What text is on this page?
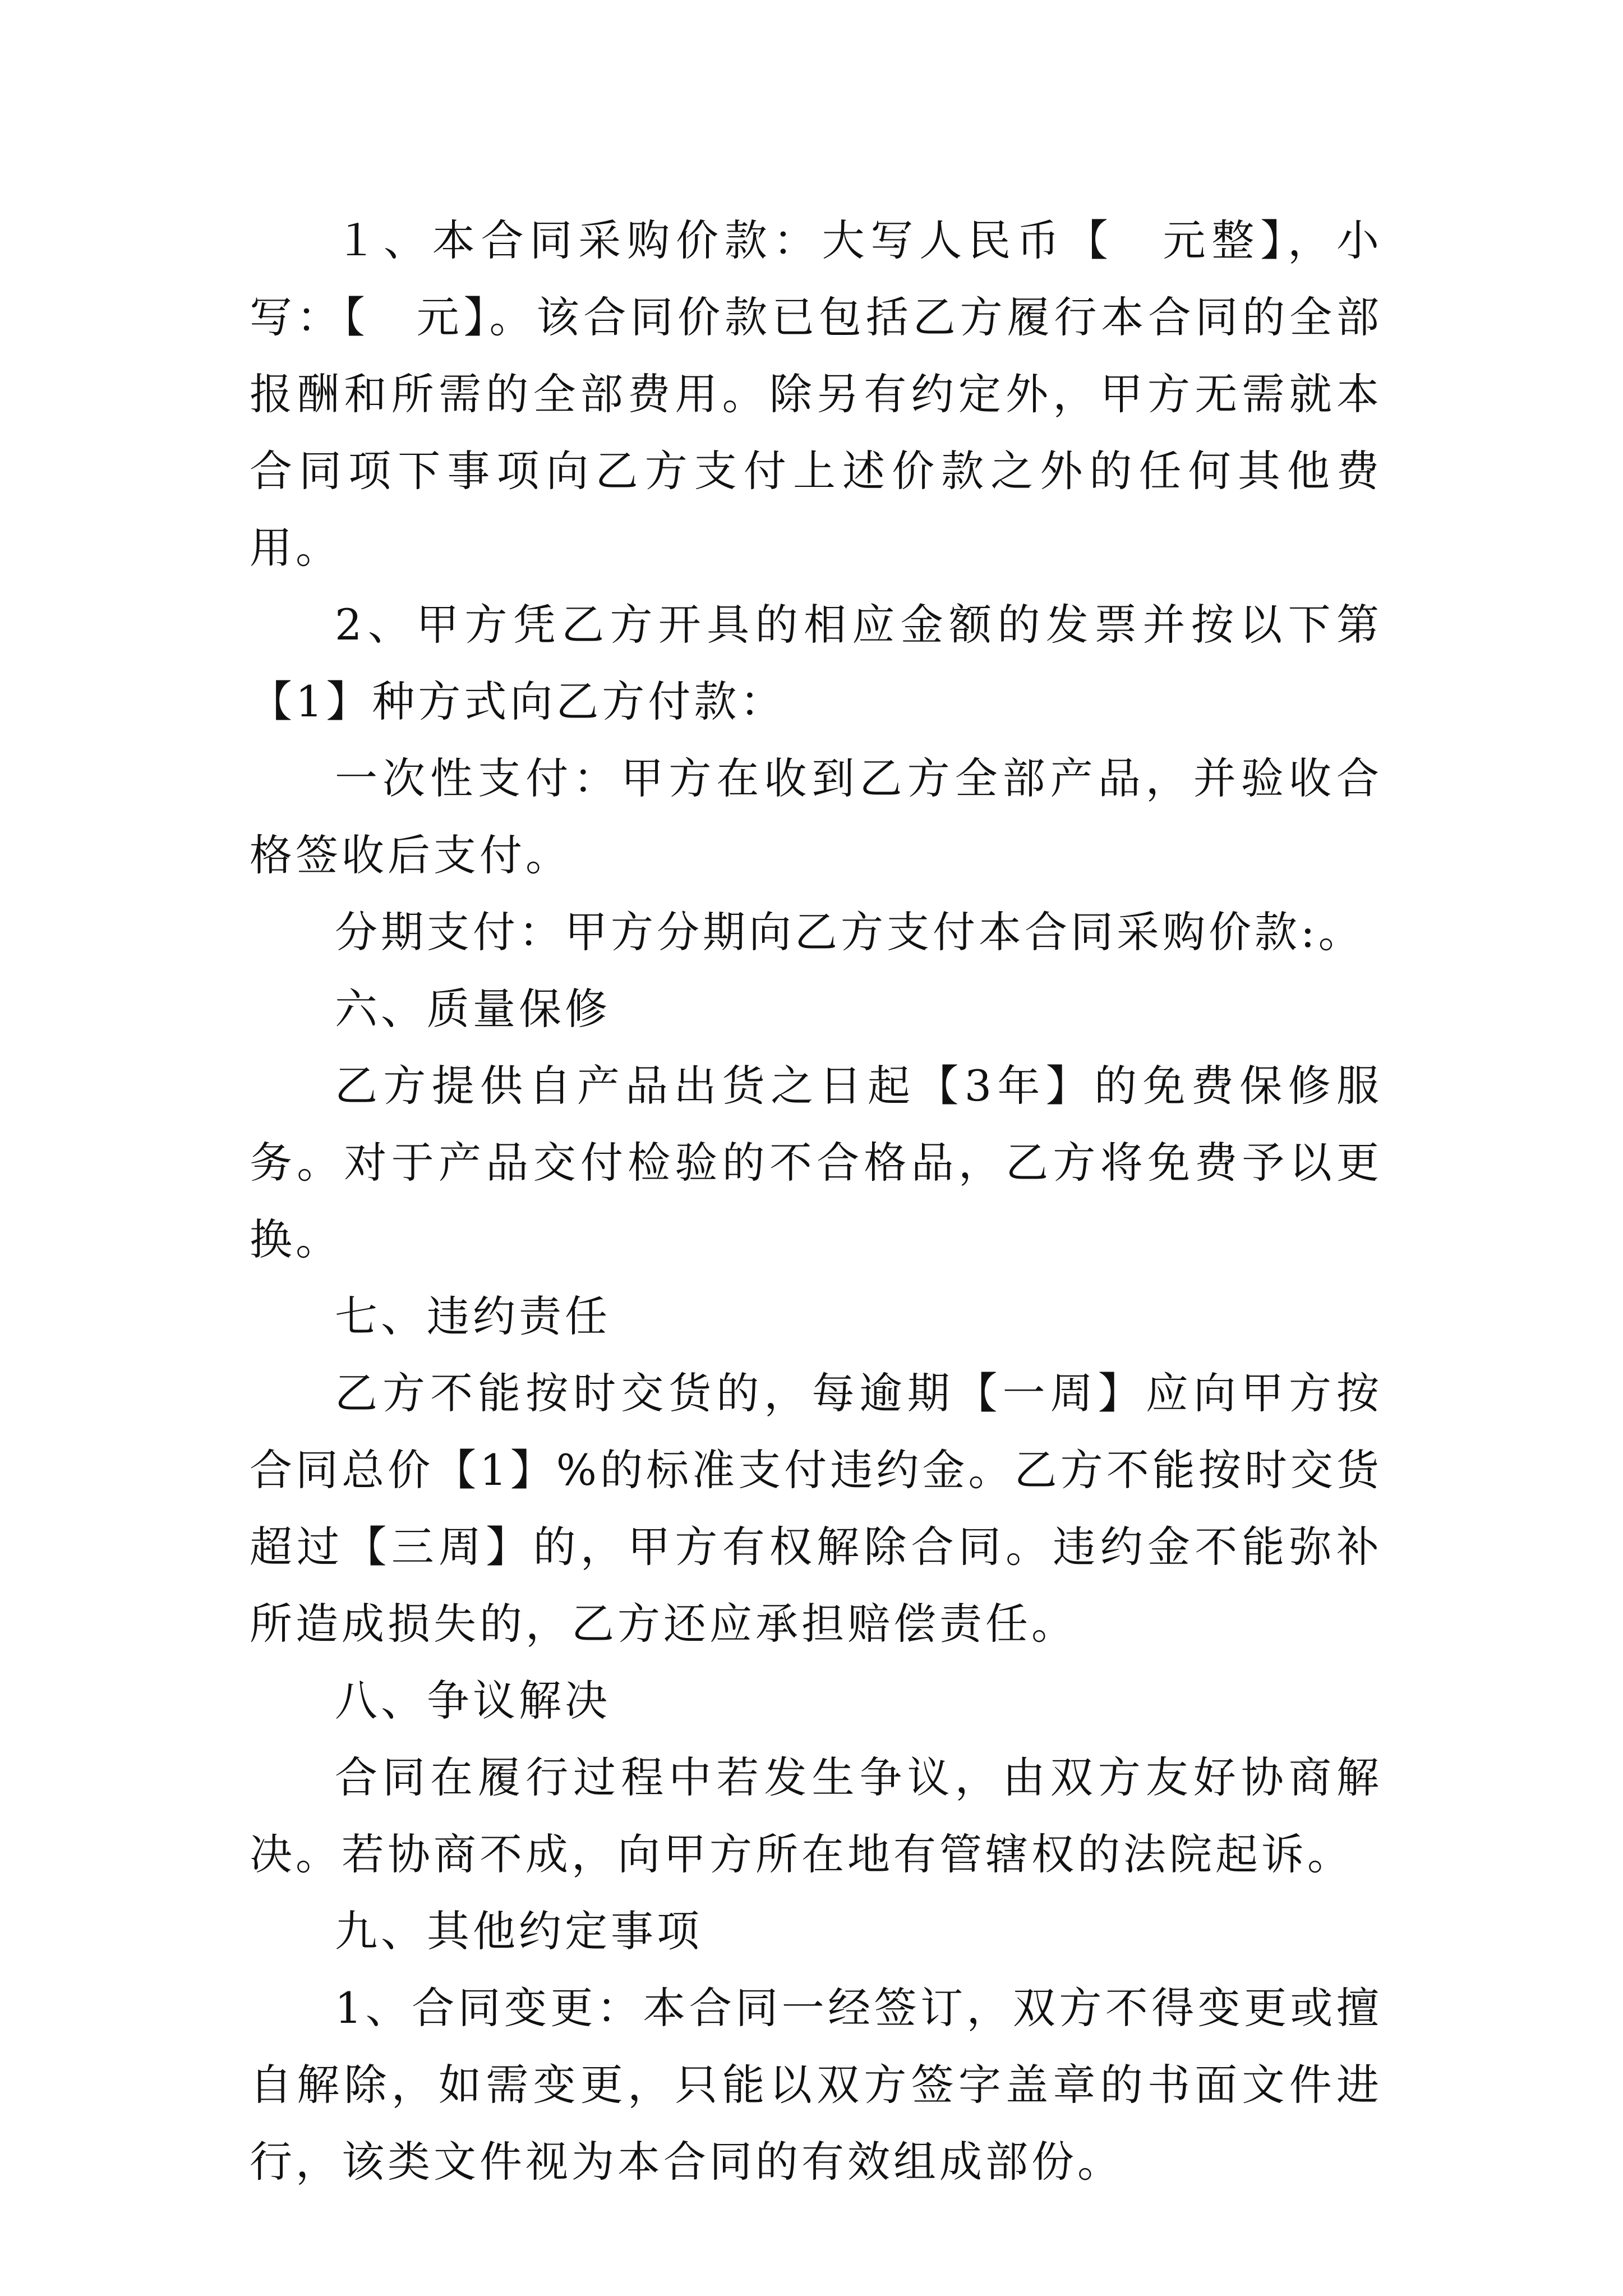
１、本合同采购价款：大写人民币【　元整】，小写：【　元】。该合同价款已包括乙方履行本合同的全部报酬和所需的全部费用。除另有约定外，甲方无需就本合同项下事项向乙方支付上述价款之外的任何其他费用。

2、甲方凭乙方开具的相应金额的发票并按以下第【1】种方式向乙方付款：

一次性支付：甲方在收到乙方全部产品，并验收合格签收后支付。

分期支付：甲方分期向乙方支付本合同采购价款:。

六、质量保修

乙方提供自产品出货之日起【3年】的免费保修服务。对于产品交付检验的不合格品，乙方将免费予以更换。

七、违约责任

乙方不能按时交货的，每逾期【一周】应向甲方按合同总价【1】%的标准支付违约金。乙方不能按时交货超过【三周】的，甲方有权解除合同。违约金不能弥补所造成损失的，乙方还应承担赔偿责任。

八、争议解决

合同在履行过程中若发生争议，由双方友好协商解决。若协商不成，向甲方所在地有管辖权的法院起诉。

九、其他约定事项

1、合同变更：本合同一经签订，双方不得变更或擅自解除，如需变更，只能以双方签字盖章的书面文件进行，该类文件视为本合同的有效组成部份。
